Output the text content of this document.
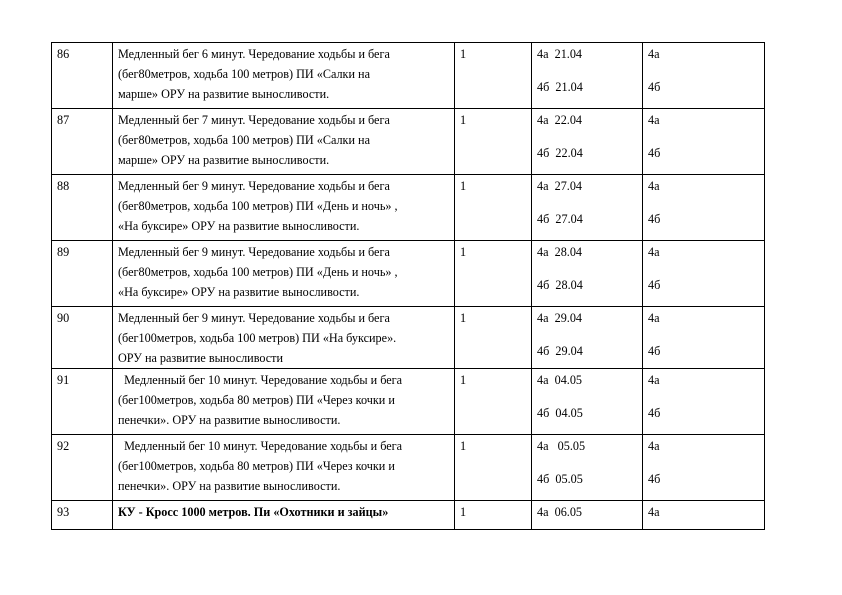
86	Медленный бег 6 минут. Чередование ходьбы и бега
(бег80метров, ходьба 100 метров) ПИ «Салки на
марше» ОРУ на развитие выносливости.	1	4а  21.04
4б  21.04	4а
4б

87	Медленный бег 7 минут. Чередование ходьбы и бега
(бег80метров, ходьба 100 метров) ПИ «Салки на
марше» ОРУ на развитие выносливости.	1	4а  22.04
4б  22.04	4а
4б

88	Медленный бег 9 минут. Чередование ходьбы и бега
(бег80метров, ходьба 100 метров) ПИ «День и ночь» ,
«На буксире» ОРУ на развитие выносливости.	1	4а  27.04
4б  27.04	4а
4б

89	Медленный бег 9 минут. Чередование ходьбы и бега
(бег80метров, ходьба 100 метров) ПИ «День и ночь» ,
«На буксире» ОРУ на развитие выносливости.	1	4а  28.04
4б  28.04	4а
4б

90	Медленный бег 9 минут. Чередование ходьбы и бега
(бег100метров, ходьба 100 метров) ПИ «На буксире».
ОРУ на развитие выносливости	1	4а  29.04
4б  29.04	4а
4б

91	Медленный бег 10 минут. Чередование ходьбы и бега
(бег100метров, ходьба 80 метров) ПИ «Через кочки и
пенечки». ОРУ на развитие выносливости.	1	4а  04.05
4б  04.05	4а
4б

92	Медленный бег 10 минут. Чередование ходьбы и бега
(бег100метров, ходьба 80 метров) ПИ «Через кочки и
пенечки». ОРУ на развитие выносливости.	1	4а   05.05
4б  05.05	4а
4б

93	КУ - Кросс 1000 метров. Пи «Охотники и зайцы»	1	4а  06.05	4а
